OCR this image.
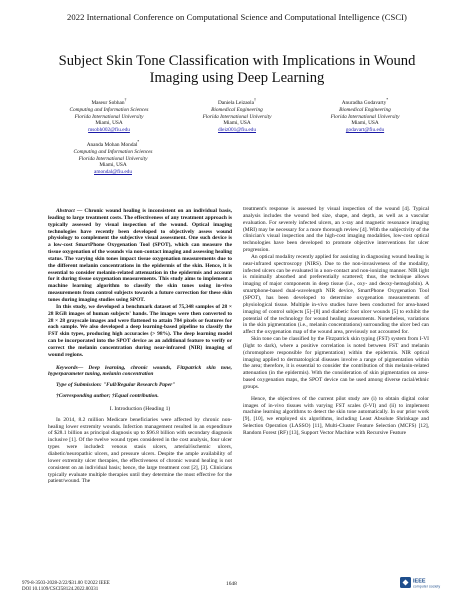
2022 International Conference on Computational Science and Computational Intelligence (CSCI)
Subject Skin Tone Classification with Implications in Wound Imaging using Deep Learning
Maseur Sobhan†
Computing and Information Sciences
Florida International University
Miami, USA
msobh002@fiu.edu
Daniela Leizaola†
Biomedical Engineering
Florida International University
Miami, USA
dleiz001@fiu.edu
Anuradha Godavarty*
Biomedical Engineering
Florida International University
Miami, USA
godavart@fiu.edu
Ananda Mohan Mondal*
Computing and Information Sciences
Florida International University
Miami, USA
amondal@fiu.edu

Abstract — Chronic wound healing is inconsistent on an individual basis, leading to large treatment costs. The effectiveness of any treatment approach is typically assessed by visual inspection of the wound. Optical imaging technologies have recently been developed to objectively assess wound physiology to complement the subjective visual assessment. One such device is a low-cost SmartPhone Oxygenation Tool (SPOT), which can measure the tissue oxygenation of the wounds via non-contact imaging and assessing healing status. The varying skin tones impact tissue oxygenation measurements due to the different melanin concentrations in the epidermis of the skin. Hence, it is essential to consider melanin-related attenuation in the epidermis and account for it during tissue oxygenation measurements. This study aims to implement a machine learning algorithm to classify the skin tones using in-vivo measurements from control subjects towards a future correction for these skin tones during imaging studies using SPOT.

In this study, we developed a benchmark dataset of 75,348 samples of 28 × 28 RGB images of human subjects' hands. The images were then converted to 28 × 28 grayscale images and were flattened to attain 784 pixels or features for each sample. We also developed a deep learning-based pipeline to classify the FST skin types, producing high accuracies (> 98%). The deep learning model can be incorporated into the SPOT device as an additional feature to verify or correct the melanin concentration during near-infrared (NIR) imaging of wound regions.

Keywords— Deep learning, chronic wounds, Fitzpatrick skin tone, hyperparameter tuning, melanin concentration

Type of Submission: "Full/Regular Research Paper"

†Corresponding author; †Equal contribution.

I. Introduction (Heading 1)

In 2014, 8.2 million Medicare beneficiaries were affected by chronic non-healing lower extremity wounds. Infection management resulted in an expenditure of $28.1 billion as principal diagnosis up to $96.8 billion with secondary diagnosis inclusive [1]. Of the twelve wound types considered in the cost analysis, four ulcer types were included: venous stasis ulcers, arterial/ischemic ulcers, diabetic/neuropathic ulcers, and pressure ulcers. Despite the ample availability of lower extremity ulcer therapies, the effectiveness of chronic wound healing is not consistent on an individual basis; hence, the large treatment cost [2], [3]. Clinicians typically evaluate multiple therapies until they determine the most effective for the patient/wound. The

treatment's response is assessed by visual inspection of the wound [4]. Typical analysis includes the wound bed size, shape, and depth, as well as a vascular evaluation. For severely infected ulcers, an x-ray and magnetic resonance imaging (MRI) may be necessary for a more thorough review [4]. With the subjectivity of the clinician's visual inspection and the high-cost imaging modalities, low-cost optical technologies have been developed to promote objective interventions for ulcer progression.

An optical modality recently applied for assisting in diagnosing wound healing is near-infrared spectroscopy (NIRS). Due to the non-invasiveness of the modality, infected ulcers can be evaluated in a non-contact and non-ionizing manner. NIR light is minimally absorbed and preferentially scattered; thus, the technique allows imaging of major components in deep tissue (i.e., oxy- and deoxy-hemoglobin). A smartphone-based dual-wavelength NIR device, SmartPhone Oxygenation Tool (SPOT), has been developed to determine oxygenation measurements of physiological tissue. Multiple in-vivo studies have been conducted for area-based imaging of control subjects [5]–[8] and diabetic foot ulcer wounds [5] to exhibit the potential of the technology for wound healing assessments. Nonetheless, variations in the skin pigmentation (i.e., melanin concentrations) surrounding the ulcer bed can affect the oxygenation map of the wound area, previously not accounted for.

Skin tone can be classified by the Fitzpatrick skin typing (FST) system from I-VI (light to dark), where a positive correlation is noted between FST and melanin (chromophore responsible for pigmentation) within the epidermis. NIR optical imaging applied to dermatological diseases involve a range of pigmentation within the area; therefore, it is essential to consider the contribution of this melanin-related attenuation (in the epidermis). With the consideration of skin pigmentation on area-based oxygenation maps, the SPOT device can be used among diverse racial/ethnic groups.

Hence, the objectives of the current pilot study are (i) to obtain digital color images of in-vivo tissues with varying FST scales (I-VI) and (ii) to implement machine learning algorithms to detect the skin tone automatically. In our prior work [9], [10], we employed six algorithms, including Least Absolute Shrinkage and Selection Operation (LASSO) [11], Multi-Cluster Feature Selection (MCFS) [12], Random Forest (RF) [13], Support Vector Machine with Recursive Feature

979-8-3503-2028-2/22/$31.00 ©2022 IEEE
DOI 10.1109/CSCI58124.2022.00331
1648	IEEE
computer society
